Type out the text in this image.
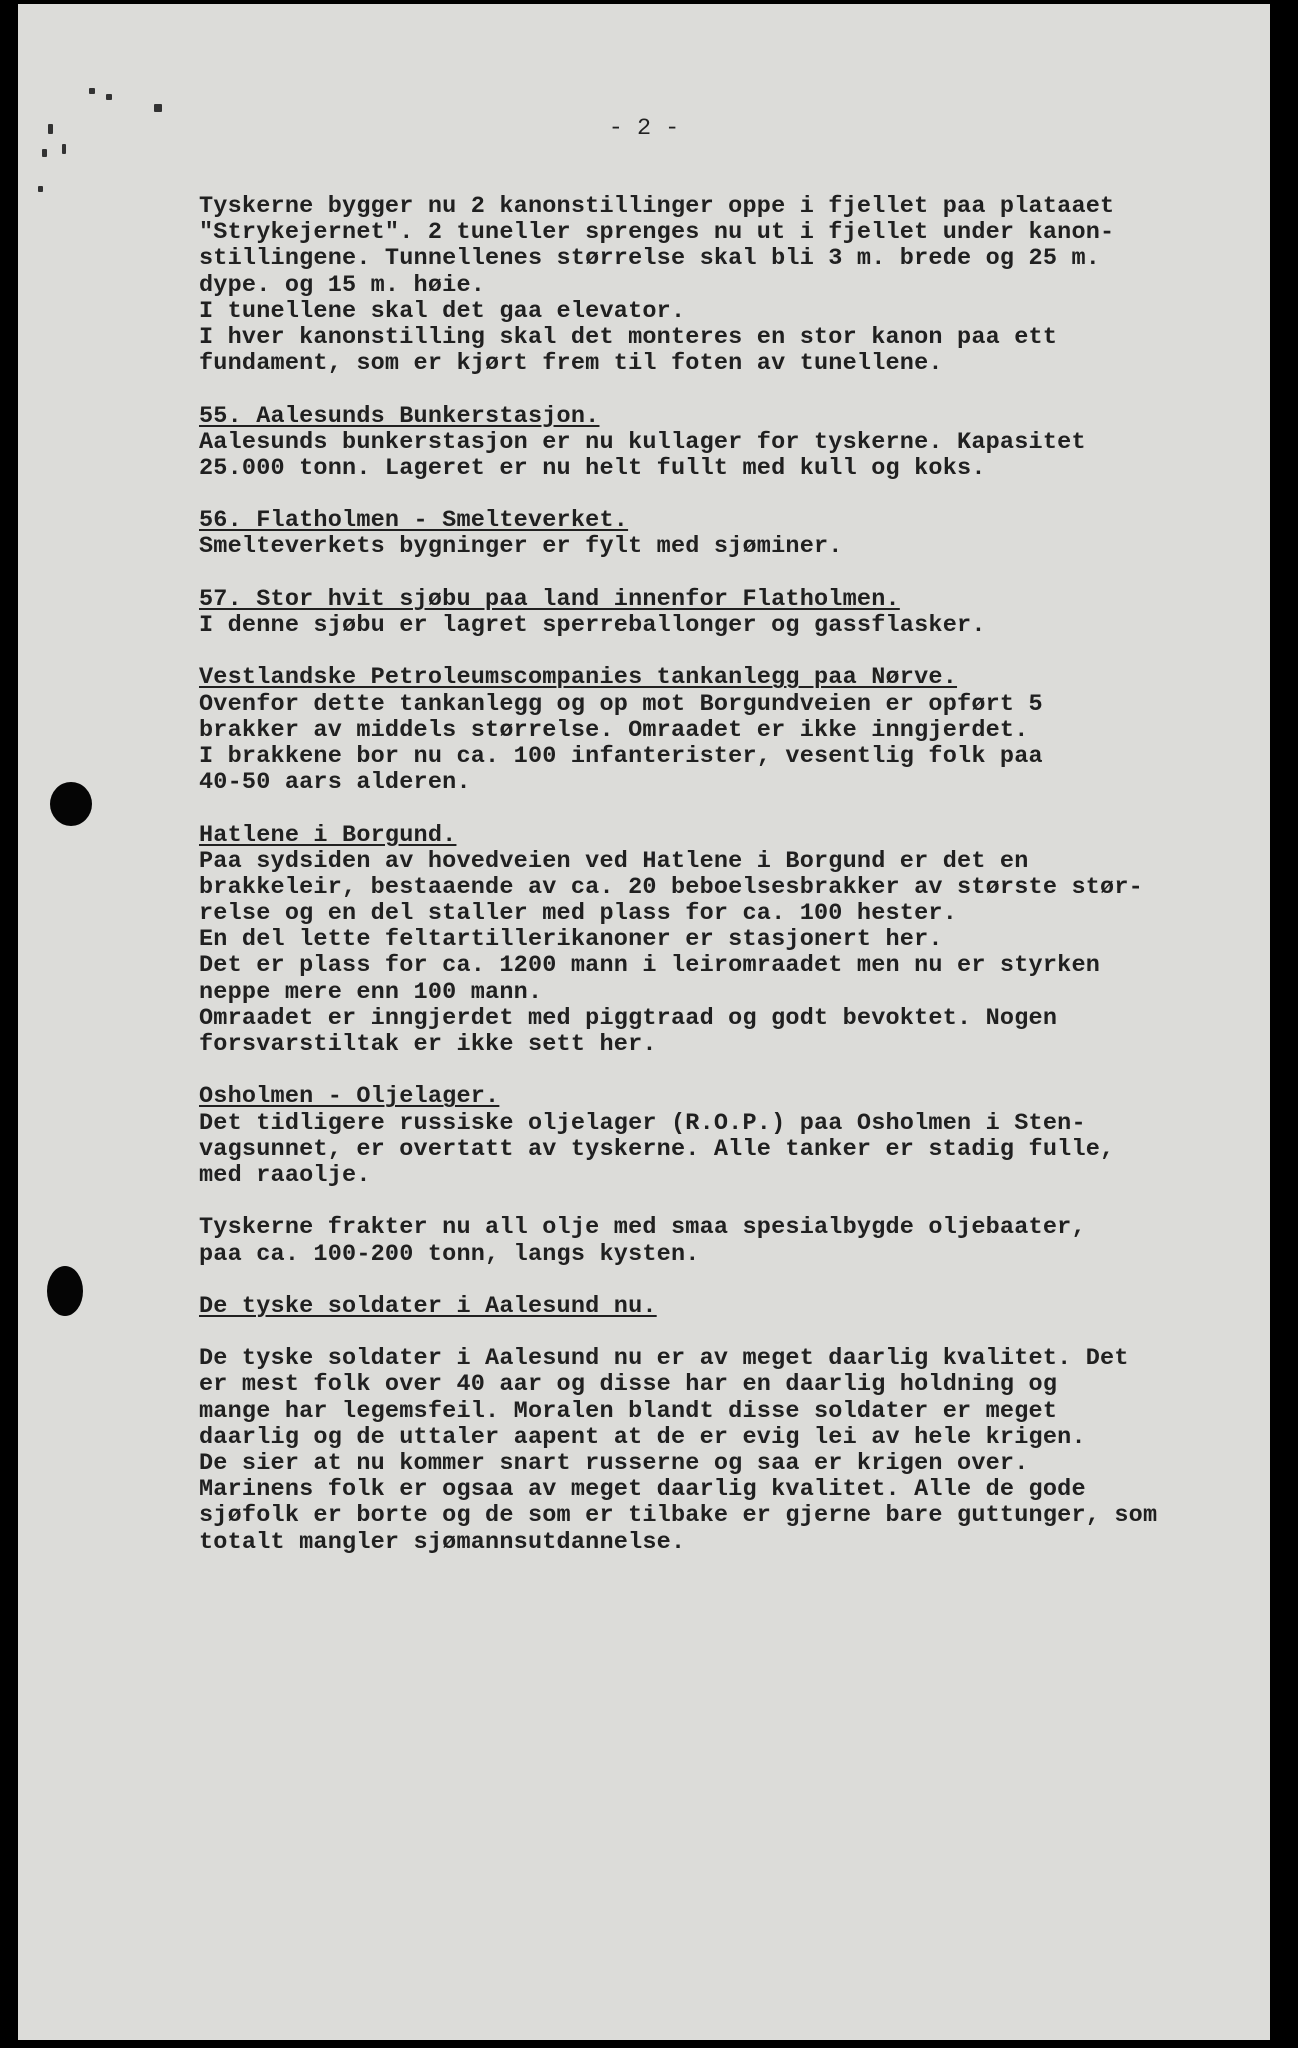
- 2 -
Tyskerne bygger nu 2 kanonstillinger oppe i fjellet paa plataaet
"Strykejernet". 2 tuneller sprenges nu ut i fjellet under kanon-
stillingene. Tunnellenes størrelse skal bli 3 m. brede og 25 m.
dype. og 15 m. høie.
I tunellene skal det gaa elevator.
I hver kanonstilling skal det monteres en stor kanon paa ett
fundament, som er kjørt frem til foten av tunellene.
55. Aalesunds Bunkerstasjon.
Aalesunds bunkerstasjon er nu kullager for tyskerne. Kapasitet
25.000 tonn. Lageret er nu helt fullt med kull og koks.
56. Flatholmen - Smelteverket.
Smelteverkets bygninger er fylt med sjøminer.
57. Stor hvit sjøbu paa land innenfor Flatholmen.
I denne sjøbu er lagret sperreballonger og gassflasker.
Vestlandske Petroleumscompanies tankanlegg paa Nørve.
Ovenfor dette tankanlegg og op mot Borgundveien er opført 5
brakker av middels størrelse. Omraadet er ikke inngjerdet.
I brakkene bor nu ca. 100 infanterister, vesentlig folk paa
40-50 aars alderen.
Hatlene i Borgund.
Paa sydsiden av hovedveien ved Hatlene i Borgund er det en
brakkeleir, bestaaende av ca. 20 beboelsesbrakker av største stør-
relse og en del staller med plass for ca. 100 hester.
En del lette feltartillerikanoner er stasjonert her.
Det er plass for ca. 1200 mann i leiromraadet men nu er styrken
neppe mere enn 100 mann.
Omraadet er inngjerdet med piggtraad og godt bevoktet. Nogen
forsvarstiltak er ikke sett her.
Osholmen - Oljelager.
Det tidligere russiske oljelager (R.O.P.) paa Osholmen i Sten-
vagsunnet, er overtatt av tyskerne. Alle tanker er stadig fulle,
med raaolje.
Tyskerne frakter nu all olje med smaa spesialbygde oljebaater,
paa ca. 100-200 tonn, langs kysten.
De tyske soldater i Aalesund nu.
De tyske soldater i Aalesund nu er av meget daarlig kvalitet. Det
er mest folk over 40 aar og disse har en daarlig holdning og
mange har legemsfeil. Moralen blandt disse soldater er meget
daarlig og de uttaler aapent at de er evig lei av hele krigen.
De sier at nu kommer snart russerne og saa er krigen over.
Marinens folk er ogsaa av meget daarlig kvalitet. Alle de gode
sjøfolk er borte og de som er tilbake er gjerne bare guttunger, som
totalt mangler sjømannsutdannelse.
